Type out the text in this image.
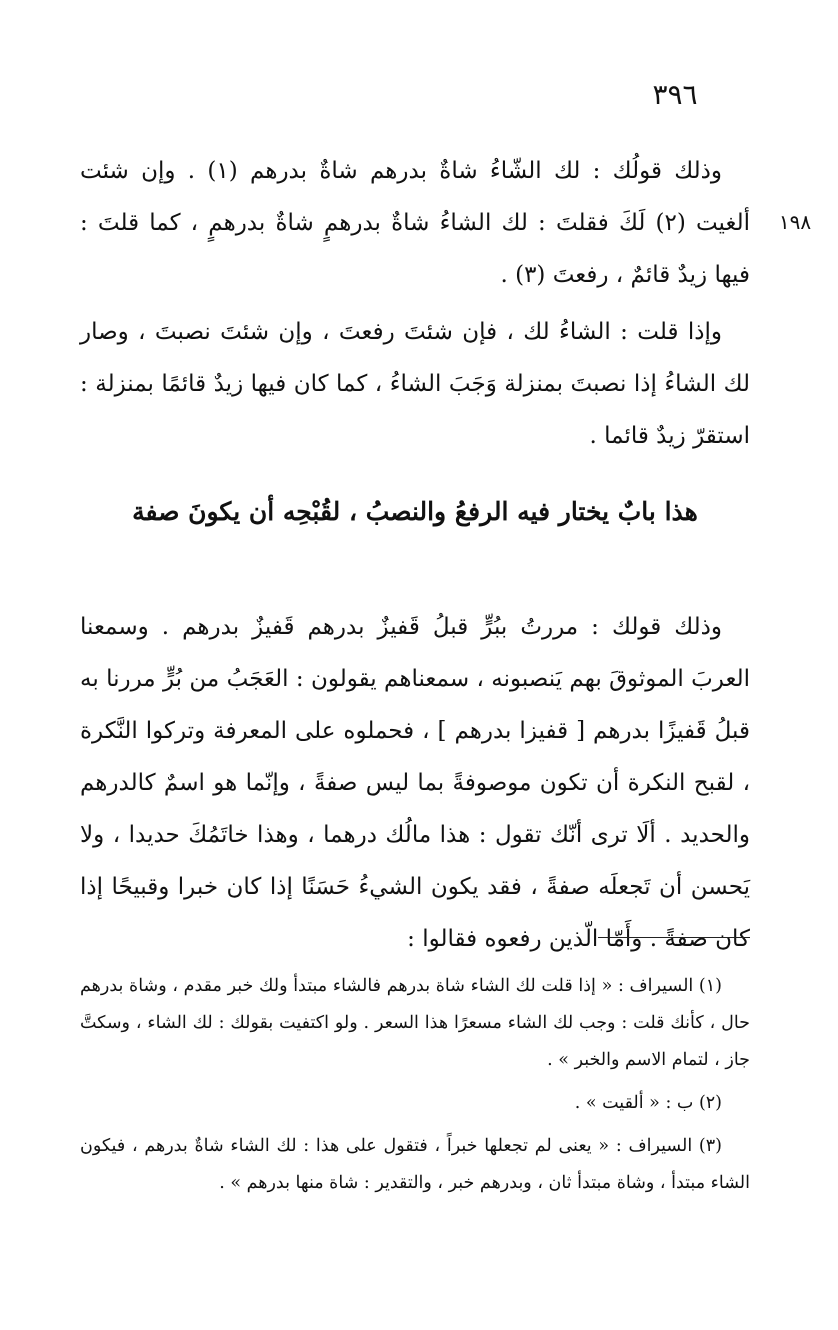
٣٩٦
١٩٨

وذلك قولُك : لك الشّاءُ شاةٌ بدرهم شاةٌ بدرهم (١) . وإن شئت ألغيت (٢) لَكَ فقلتَ : لك الشاءُ شاةٌ بدرهمٍ شاةٌ بدرهمٍ ، كما قلتَ : فيها زيدٌ قائمٌ ، رفعتَ (٣) .

وإذا قلت : الشاءُ لك ، فإن شئتَ رفعتَ ، وإن شئتَ نصبتَ ، وصار لك الشاءُ إذا نصبتَ بمنزلة وَجَبَ الشاءُ ، كما كان فيها زيدٌ قائمًا بمنزلة : استقرّ زيدٌ قائما .

هذا بابٌ يختار فيه الرفعُ والنصبُ ، لقُبْحِه أن يكونَ صفة

وذلك قولك : مررتُ ببُرٍّ قبلُ قَفيزٌ بدرهم قَفيزٌ بدرهم . وسمعنا العربَ الموثوقَ بهم يَنصبونه ، سمعناهم يقولون : العَجَبُ من بُرٍّ مررنا به قبلُ قَفيزًا بدرهم [ قفيزا بدرهم ] ، فحملوه على المعرفة وتركوا النَّكرة ، لقبح النكرة أن تكون موصوفةً بما ليس صفةً ، وإنّما هو اسمٌ كالدرهم والحديد . ألَا ترى أنّك تقول : هذا مالُك درهما ، وهذا خاتَمُكَ حديدا ، ولا يَحسن أن تَجعلَه صفةً ، فقد يكون الشيءُ حَسَنًا إذا كان خبرا وقبيحًا إذا كان صفةً . وأَمّا الّذين رفعوه فقالوا :

(١) السيراف : « إذا قلت لك الشاء شاة بدرهم فالشاء مبتدأ ولك خبر مقدم ، وشاة بدرهم حال ، كأنك قلت : وجب لك الشاء مسعرًا هذا السعر . ولو اكتفيت بقولك : لك الشاء ، وسكتَّ جاز ، لتمام الاسم والخبر » .

(٢) ب : « ألقيت » .

(٣) السيراف : « يعنى لم تجعلها خبراً ، فتقول على هذا : لك الشاء شاةٌ بدرهم ، فيكون الشاء مبتدأ ، وشاة مبتدأ ثان ، وبدرهم خبر ، والتقدير : شاة منها بدرهم » .
